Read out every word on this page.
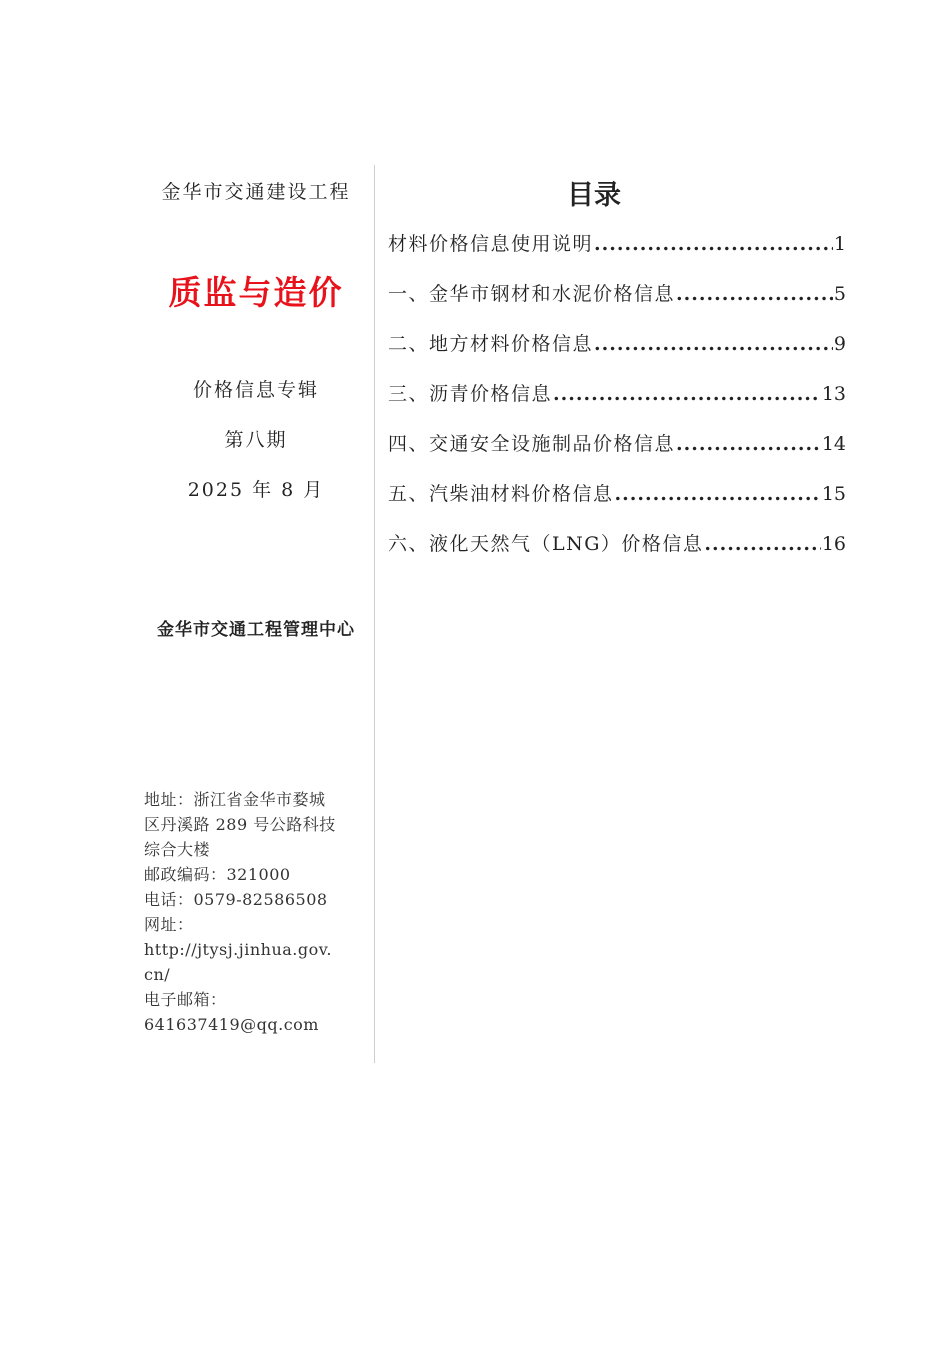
金华市交通建设工程
质监与造价
价格信息专辑
第八期
2025 年 8 月
金华市交通工程管理中心
地址：浙江省金华市婺城
区丹溪路 289 号公路科技
综合大楼
邮政编码：321000
电话：0579-82586508
网址：
http://jtysj.jinhua.gov.
cn/
电子邮箱：
641637419@qq.com
目录
材料价格信息使用说明 .....	1
一、金华市钢材和水泥价格信息 .....	5
二、地方材料价格信息 .....	9
三、沥青价格信息 .....	13
四、交通安全设施制品价格信息 .....	14
五、汽柴油材料价格信息 .....	15
六、液化天然气（LNG）价格信息 .....	16
